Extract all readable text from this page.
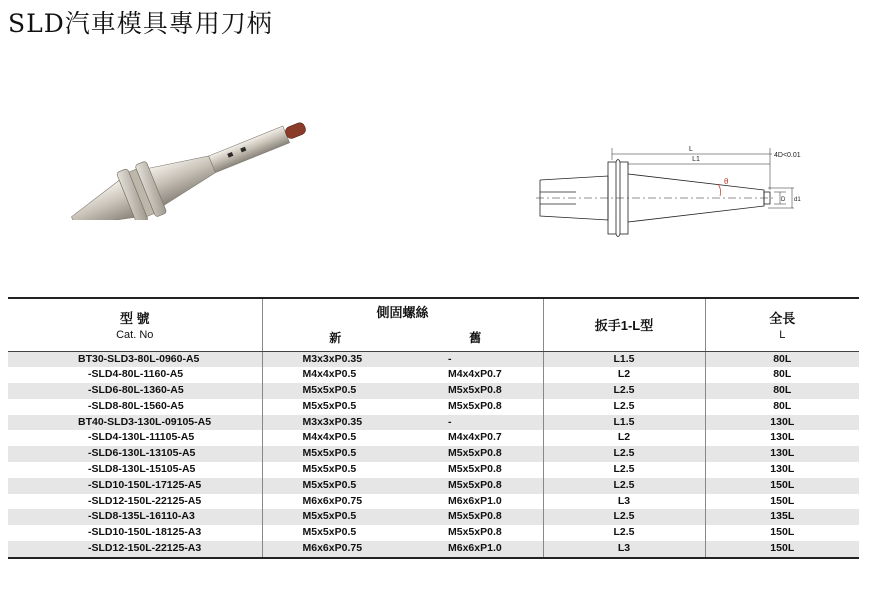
SLD汽車模具專用刀柄
L
L1
4D<0.01
θ
D d1
型 號
Cat. No	側固螺絲		扳手1-L型	全長
L

	新	舊		
BT30-SLD3-80L-0960-A5	M3x3xP0.35	-	L1.5	80L
-SLD4-80L-1160-A5	M4x4xP0.5	M4x4xP0.7	L2	80L
-SLD6-80L-1360-A5	M5x5xP0.5	M5x5xP0.8	L2.5	80L
-SLD8-80L-1560-A5	M5x5xP0.5	M5x5xP0.8	L2.5	80L
BT40-SLD3-130L-09105-A5	M3x3xP0.35	-	L1.5	130L
-SLD4-130L-11105-A5	M4x4xP0.5	M4x4xP0.7	L2	130L
-SLD6-130L-13105-A5	M5x5xP0.5	M5x5xP0.8	L2.5	130L
-SLD8-130L-15105-A5	M5x5xP0.5	M5x5xP0.8	L2.5	130L
-SLD10-150L-17125-A5	M5x5xP0.5	M5x5xP0.8	L2.5	150L
-SLD12-150L-22125-A5	M6x6xP0.75	M6x6xP1.0	L3	150L
-SLD8-135L-16110-A3	M5x5xP0.5	M5x5xP0.8	L2.5	135L
-SLD10-150L-18125-A3	M5x5xP0.5	M5x5xP0.8	L2.5	150L
-SLD12-150L-22125-A3	M6x6xP0.75	M6x6xP1.0	L3	150L
